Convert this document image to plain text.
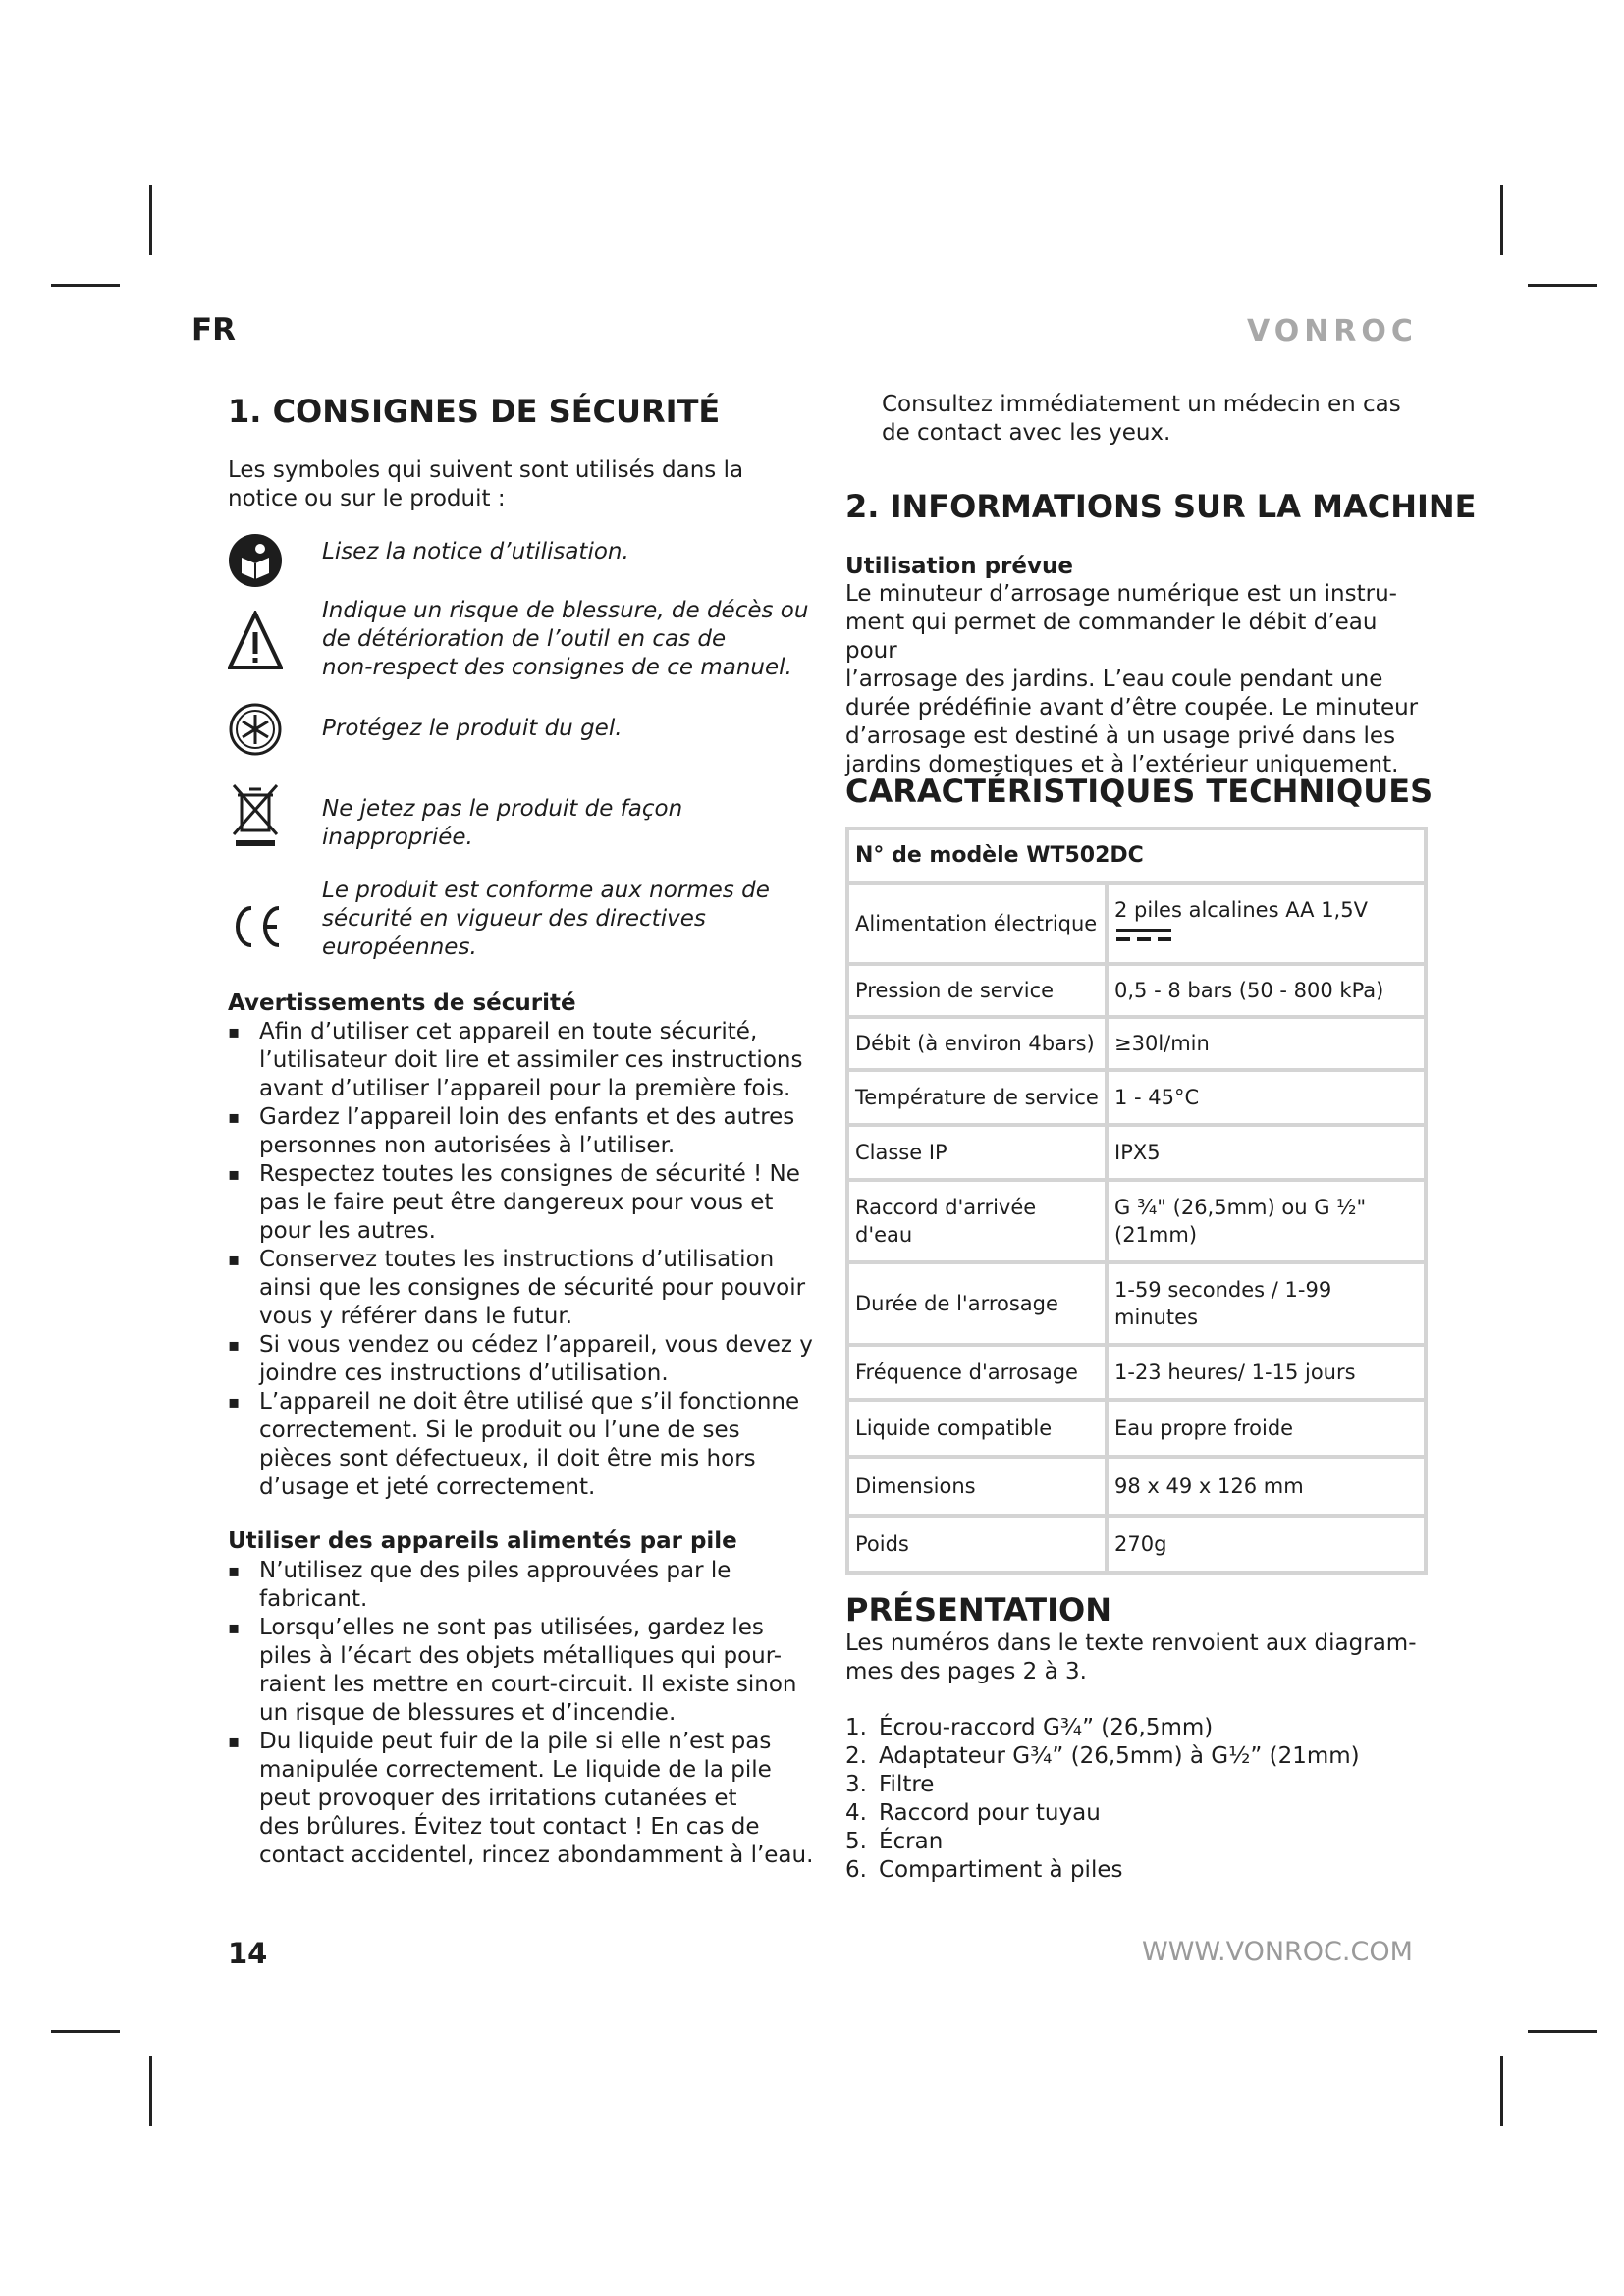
FR	VONROC
1. CONSIGNES DE SÉCURITÉ
Les symboles qui suivent sont utilisés dans la
notice ou sur le produit :
Lisez la notice d’utilisation.
Indique un risque de blessure, de décès ou
de détérioration de l’outil en cas de
non-respect des consignes de ce manuel.
Protégez le produit du gel.
Ne jetez pas le produit de façon
inappropriée.
Le produit est conforme aux normes de
sécurité en vigueur des directives
européennes.
Avertissements de sécurité
▪ Afin d’utiliser cet appareil en toute sécurité,
l’utilisateur doit lire et assimiler ces instructions
avant d’utiliser l’appareil pour la première fois.
▪ Gardez l’appareil loin des enfants et des autres
personnes non autorisées à l’utiliser.
▪ Respectez toutes les consignes de sécurité ! Ne
pas le faire peut être dangereux pour vous et
pour les autres.
▪ Conservez toutes les instructions d’utilisation
ainsi que les consignes de sécurité pour pouvoir
vous y référer dans le futur.
▪ Si vous vendez ou cédez l’appareil, vous devez y
joindre ces instructions d’utilisation.
▪ L’appareil ne doit être utilisé que s’il fonctionne
correctement. Si le produit ou l’une de ses
pièces sont défectueux, il doit être mis hors
d’usage et jeté correctement.
Utiliser des appareils alimentés par pile
▪ N’utilisez que des piles approuvées par le
fabricant.
▪ Lorsqu’elles ne sont pas utilisées, gardez les
piles à l’écart des objets métalliques qui pour-
raient les mettre en court-circuit. Il existe sinon
un risque de blessures et d’incendie.
▪ Du liquide peut fuir de la pile si elle n’est pas
manipulée correctement. Le liquide de la pile
peut provoquer des irritations cutanées et
des brûlures. Évitez tout contact ! En cas de
contact accidentel, rincez abondamment à l’eau.
Consultez immédiatement un médecin en cas
de contact avec les yeux.
2. INFORMATIONS SUR LA MACHINE
Utilisation prévue
Le minuteur d’arrosage numérique est un instru-
ment qui permet de commander le débit d’eau pour
l’arrosage des jardins. L’eau coule pendant une
durée prédéfinie avant d’être coupée. Le minuteur
d’arrosage est destiné à un usage privé dans les
jardins domestiques et à l’extérieur uniquement.
CARACTÉRISTIQUES TECHNIQUES
N° de modèle WT502DC	
Alimentation électrique	2 piles alcalines AA 1,5V

Pression de service	0,5 - 8 bars (50 - 800 kPa)
Débit (à environ 4bars)	≥30l/min
Température de service	1 - 45°C
Classe IP	IPX5
Raccord d'arrivée d'eau	G ¾" (26,5mm) ou G ½" (21mm)
Durée de l'arrosage	1-59 secondes / 1-99 minutes
Fréquence d'arrosage	1-23 heures/ 1-15 jours
Liquide compatible	Eau propre froide
Dimensions	98 x 49 x 126 mm
Poids	270g
PRÉSENTATION
Les numéros dans le texte renvoient aux diagram-
mes des pages 2 à 3.
1. Écrou-raccord G¾” (26,5mm)
2. Adaptateur G¾” (26,5mm) à G½” (21mm)
3. Filtre
4. Raccord pour tuyau
5. Écran
6. Compartiment à piles
14	WWW.VONROC.COM
